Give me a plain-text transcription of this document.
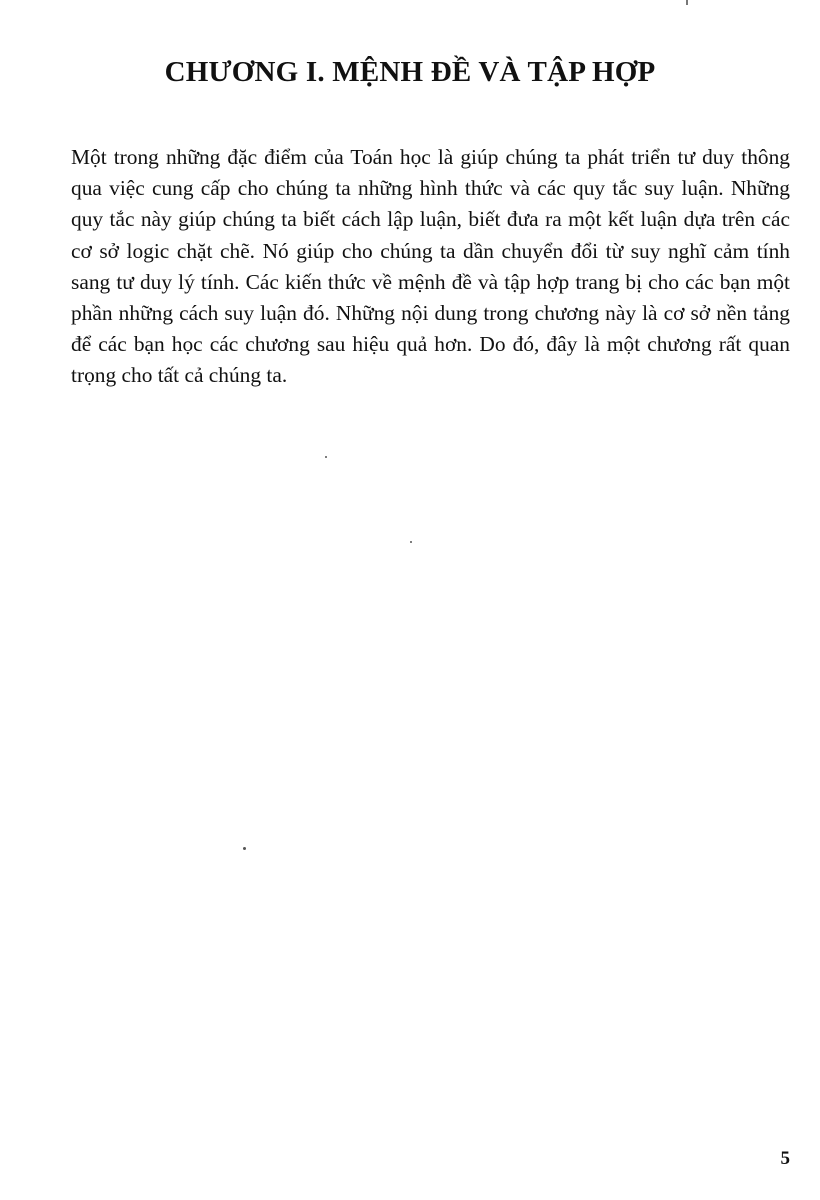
CHƯƠNG I. MỆNH ĐỀ VÀ TẬP HỢP
Một trong những đặc điểm của Toán học là giúp chúng ta phát triển tư duy thông
qua việc cung cấp cho chúng ta những hình thức và các quy tắc suy luận. Những
quy tắc này giúp chúng ta biết cách lập luận, biết đưa ra một kết luận dựa trên các
cơ sở logic chặt chẽ. Nó giúp cho chúng ta dần chuyển đổi từ suy nghĩ cảm tính
sang tư duy lý tính. Các kiến thức về mệnh đề và tập hợp trang bị cho các bạn một
phần những cách suy luận đó. Những nội dung trong chương này là cơ sở nền tảng
để các bạn học các chương sau hiệu quả hơn. Do đó, đây là một chương rất quan
trọng cho tất cả chúng ta.
5
